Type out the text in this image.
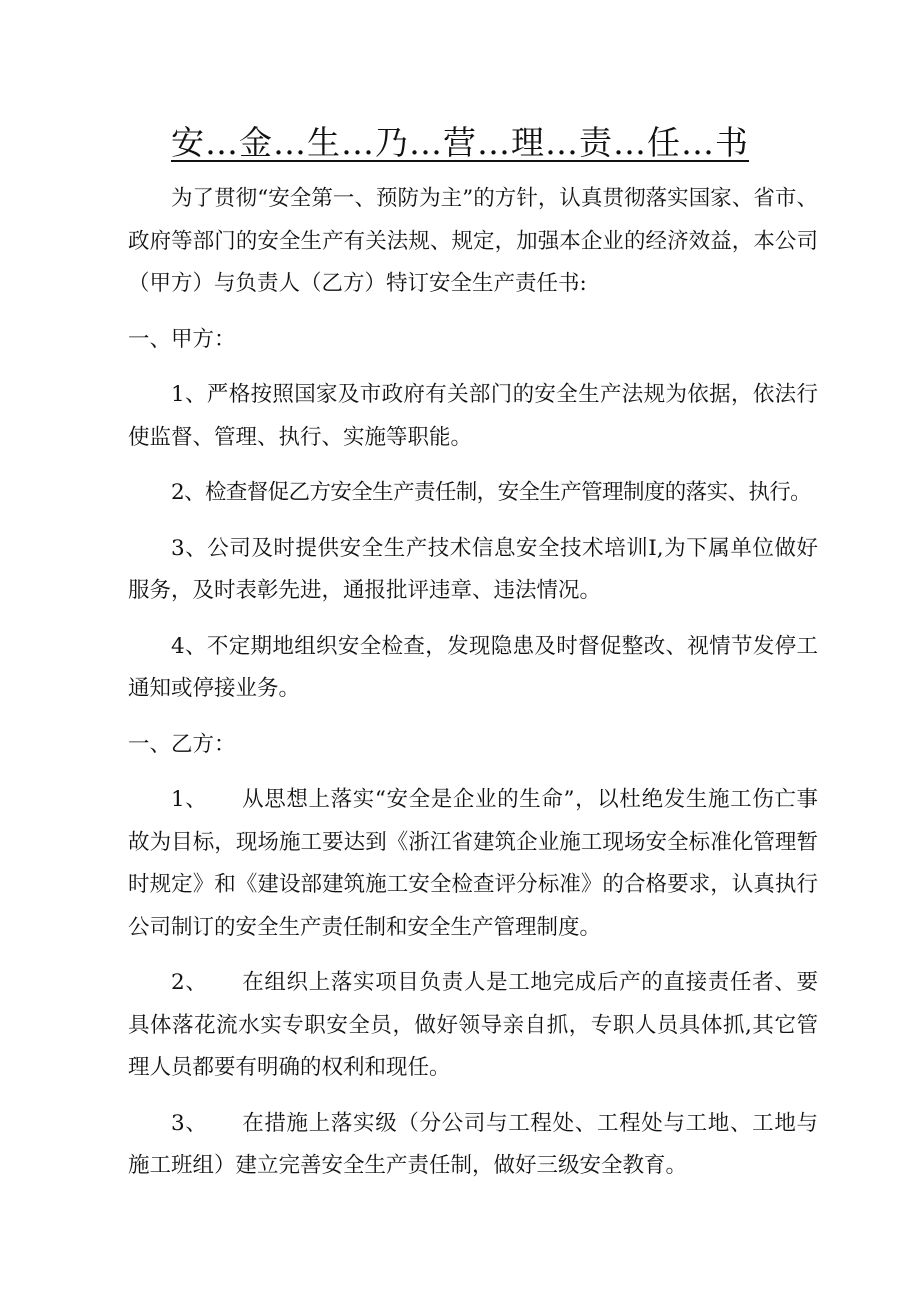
安…金…生…乃…营…理…责…任…书

为了贯彻“安全第一、预防为主”的方针，认真贯彻落实国家、省市、政府等部门的安全生产有关法规、规定，加强本企业的经济效益，本公司（甲方）与负责人（乙方）特订安全生产责任书:

一、甲方：

1、严格按照国家及市政府有关部门的安全生产法规为依据，依法行使监督、管理、执行、实施等职能。

2、检查督促乙方安全生产责任制，安全生产管理制度的落实、执行。

3、公司及时提供安全生产技术信息安全技术培训I,为下属单位做好服务，及时表彰先进，通报批评违章、违法情况。

4、不定期地组织安全检查，发现隐患及时督促整改、视情节发停工通知或停接业务。

一、乙方：

1、 从思想上落实“安全是企业的生命”，以杜绝发生施工伤亡事故为目标，现场施工要达到《浙江省建筑企业施工现场安全标准化管理暂时规定》和《建设部建筑施工安全检查评分标准》的合格要求，认真执行公司制订的安全生产责任制和安全生产管理制度。

2、 在组织上落实项目负责人是工地完成后产的直接责任者、要具体落花流水实专职安全员，做好领导亲自抓，专职人员具体抓,其它管理人员都要有明确的权利和现任。

3、 在措施上落实级（分公司与工程处、工程处与工地、工地与施工班组）建立完善安全生产责任制，做好三级安全教育。
